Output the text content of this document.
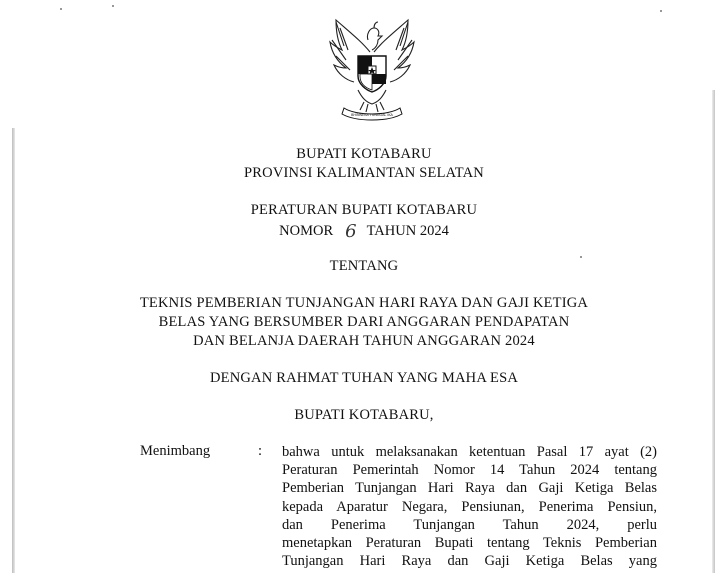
BHINNEKA TUNGGAL IKA
BUPATI KOTABARU
PROVINSI KALIMANTAN SELATAN
PERATURAN BUPATI KOTABARU
NOMOR 6 TAHUN 2024
TENTANG
TEKNIS PEMBERIAN TUNJANGAN HARI RAYA DAN GAJI KETIGA
BELAS YANG BERSUMBER DARI ANGGARAN PENDAPATAN
DAN BELANJA DAERAH TAHUN ANGGARAN 2024
DENGAN RAHMAT TUHAN YANG MAHA ESA
BUPATI KOTABARU,
Menimbang	: bahwa untuk melaksanakan ketentuan Pasal 17 ayat (2)
Peraturan Pemerintah Nomor 14 Tahun 2024 tentang
Pemberian Tunjangan Hari Raya dan Gaji Ketiga Belas
kepada Aparatur Negara, Pensiunan, Penerima Pensiun,
dan Penerima Tunjangan Tahun 2024, perlu
menetapkan Peraturan Bupati tentang Teknis Pemberian
Tunjangan Hari Raya dan Gaji Ketiga Belas yang
